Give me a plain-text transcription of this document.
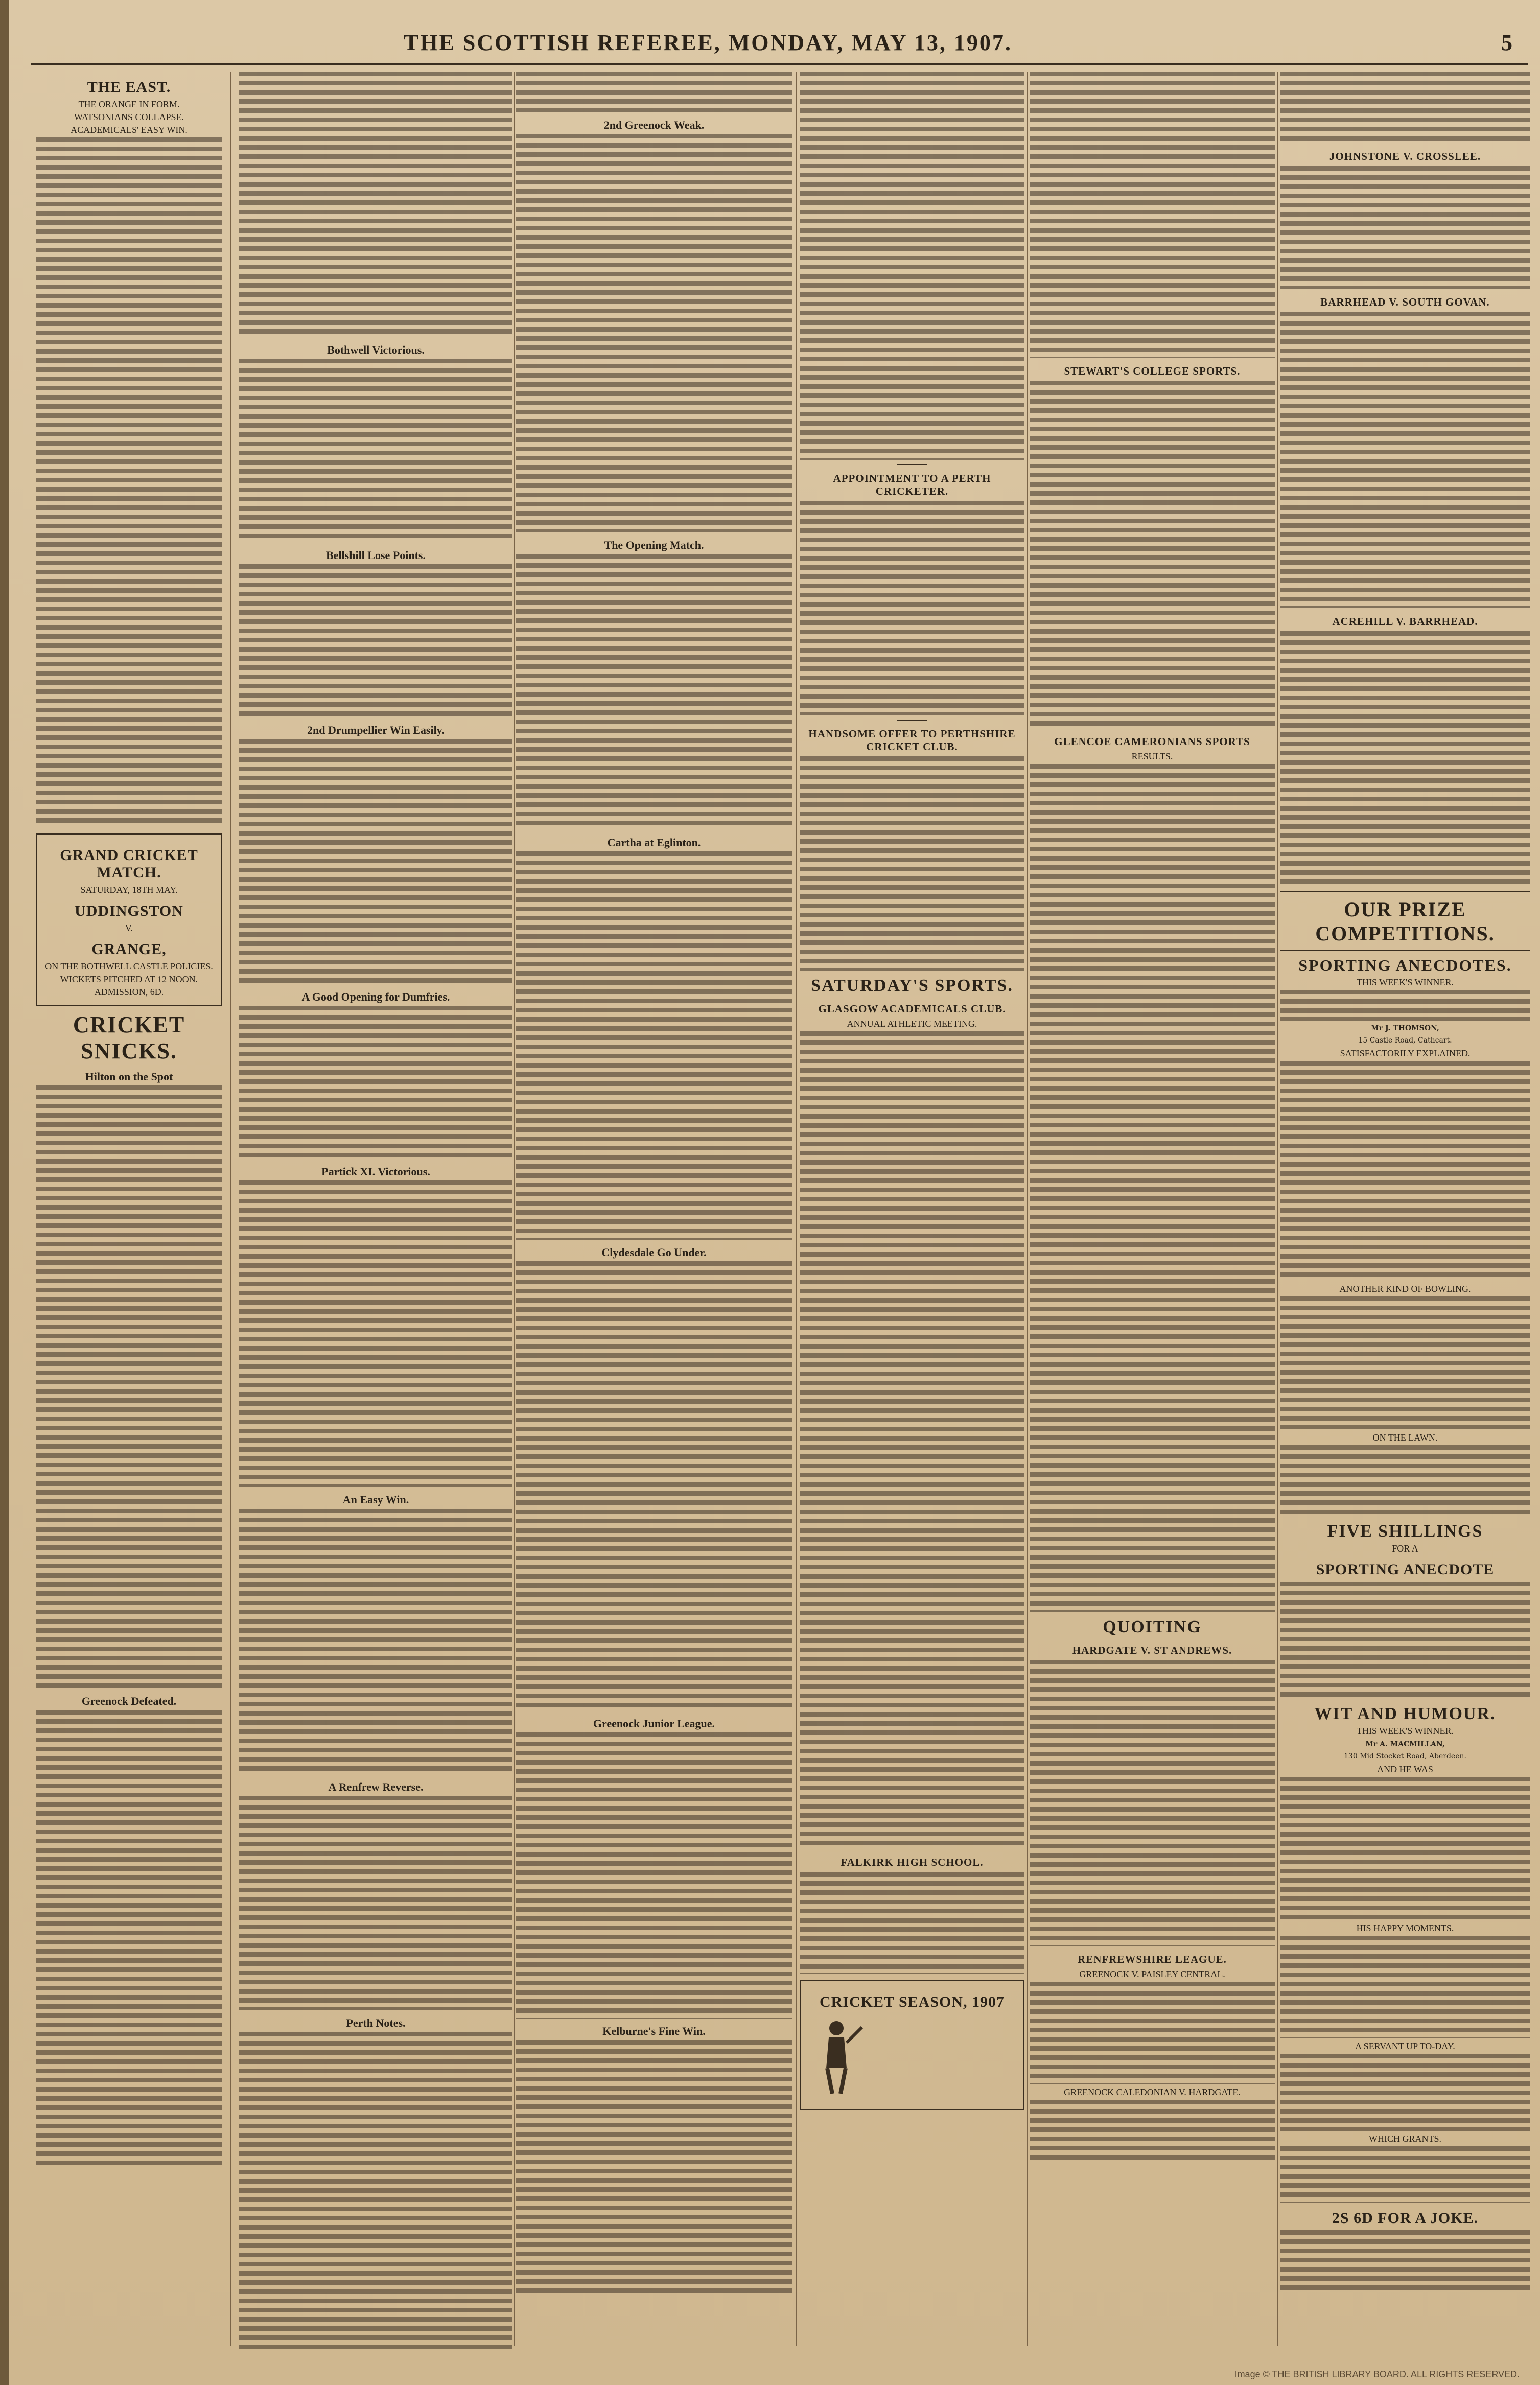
THE SCOTTISH REFEREE, MONDAY, MAY 13, 1907.	5
THE EAST.
THE ORANGE IN FORM.
WATSONIANS COLLAPSE.
ACADEMICALS' EASY WIN.
GRAND CRICKET MATCH.
SATURDAY, 18TH MAY.
UDDINGSTON
V.
GRANGE,
ON THE BOTHWELL CASTLE POLICIES.
WICKETS PITCHED AT 12 NOON.
ADMISSION, 6D.
CRICKET SNICKS.
Hilton on the Spot
Greenock Defeated.
Bothwell Victorious.
Bellshill Lose Points.
2nd Drumpellier Win Easily.
A Good Opening for Dumfries.
Partick XI. Victorious.
An Easy Win.
A Renfrew Reverse.
Perth Notes.
2nd Greenock Weak.
The Opening Match.
Cartha at Eglinton.
Clydesdale Go Under.
Greenock Junior League.
Kelburne's Fine Win.
APPOINTMENT TO A PERTH CRICKETER.
HANDSOME OFFER TO PERTHSHIRE CRICKET CLUB.
SATURDAY'S SPORTS.
GLASGOW ACADEMICALS CLUB.
ANNUAL ATHLETIC MEETING.
FALKIRK HIGH SCHOOL.
CRICKET SEASON, 1907
STEWART'S COLLEGE SPORTS.
GLENCOE CAMERONIANS SPORTS
RESULTS.
QUOITING
HARDGATE V. ST ANDREWS.
RENFREWSHIRE LEAGUE.
GREENOCK V. PAISLEY CENTRAL.
GREENOCK CALEDONIAN V. HARDGATE.
JOHNSTONE V. CROSSLEE.
BARRHEAD V. SOUTH GOVAN.
ACREHILL V. BARRHEAD.
OUR PRIZE COMPETITIONS.
SPORTING ANECDOTES.
THIS WEEK'S WINNER.
Mr J. THOMSON,
15 Castle Road, Cathcart.
SATISFACTORILY EXPLAINED.
ANOTHER KIND OF BOWLING.
ON THE LAWN.
FIVE SHILLINGS
FOR A
SPORTING ANECDOTE
WIT AND HUMOUR.
THIS WEEK'S WINNER.
Mr A. MACMILLAN,
130 Mid Stocket Road, Aberdeen.
AND HE WAS
HIS HAPPY MOMENTS.
A SERVANT UP TO-DAY.
WHICH GRANTS.
2S 6D FOR A JOKE.
Image © THE BRITISH LIBRARY BOARD. ALL RIGHTS RESERVED.
